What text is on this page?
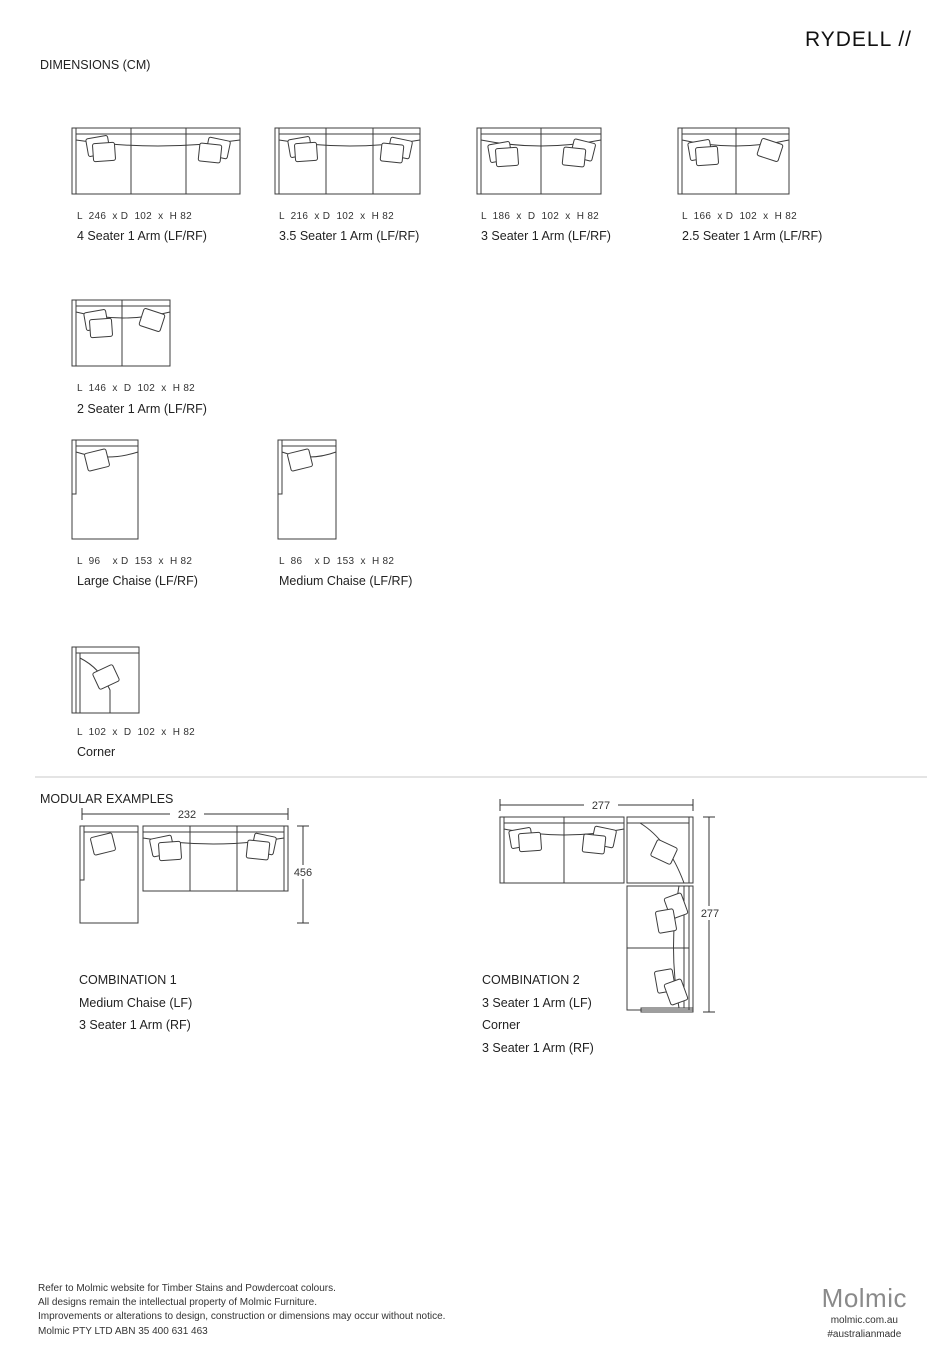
RYDELL //
DIMENSIONS (CM)
L  246  x D  102  x  H 82
4 Seater 1 Arm (LF/RF)
L  216  x D  102  x  H 82
3.5 Seater 1 Arm (LF/RF)
L  186  x  D  102  x  H 82
3 Seater 1 Arm (LF/RF)
L  166  x D  102  x  H 82
2.5 Seater 1 Arm (LF/RF)
L  146  x  D  102  x  H 82
2 Seater 1 Arm (LF/RF)
L  96    x D  153  x  H 82
Large Chaise (LF/RF)
L  86    x D  153  x  H 82
Medium Chaise (LF/RF)
L  102  x  D  102  x  H 82
Corner
MODULAR EXAMPLES
232
456
277
277
COMBINATION 1
Medium Chaise (LF)
3 Seater 1 Arm (RF)
COMBINATION 2
3 Seater 1 Arm (LF)
Corner
3 Seater 1 Arm (RF)
Refer to Molmic website for Timber Stains and Powdercoat colours.
All designs remain the intellectual property of Molmic Furniture.
Improvements or alterations to design, construction or dimensions may occur without notice.
Molmic PTY LTD ABN 35 400 631 463
Molmic
molmic.com.au
#australianmade
